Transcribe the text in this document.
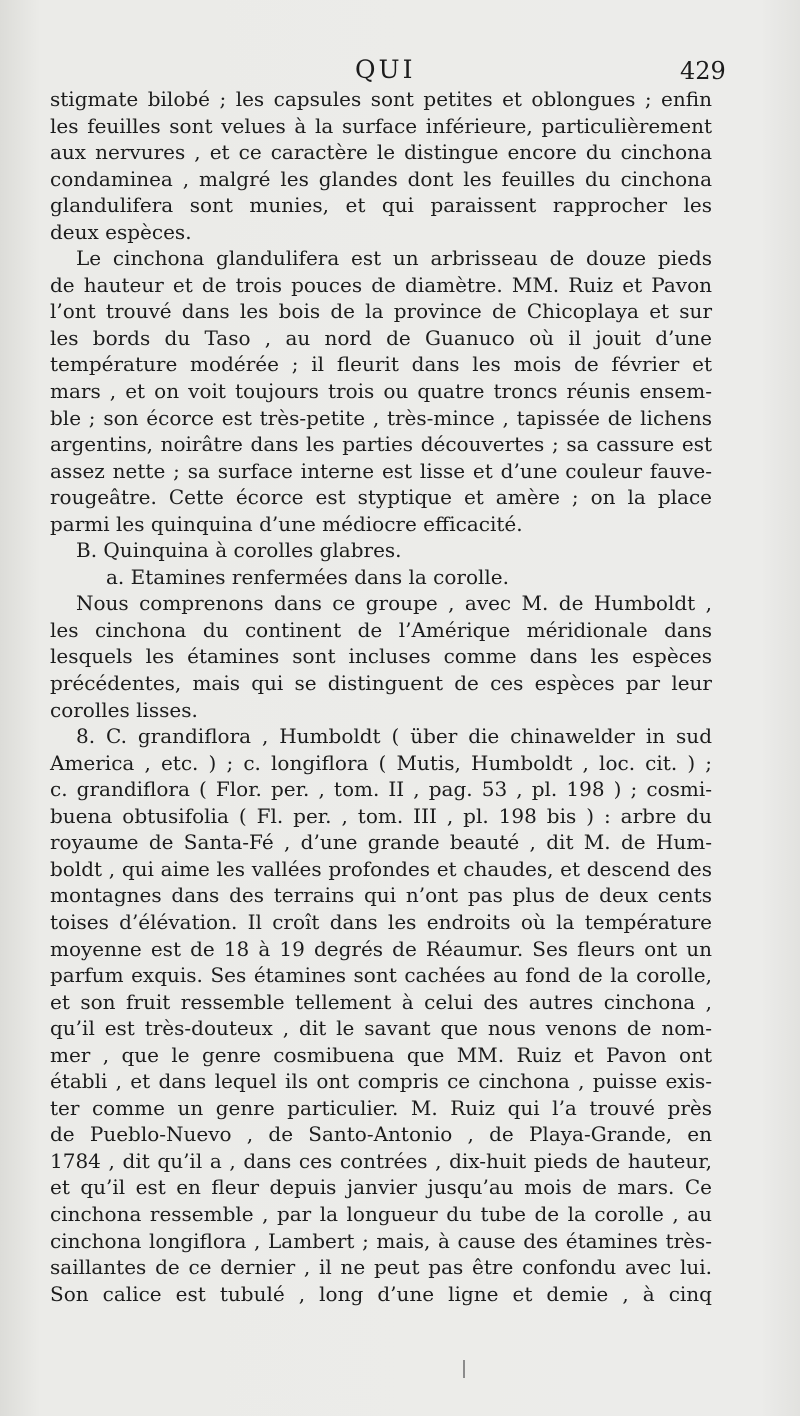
QUI	429
stigmate bilobé ; les capsules sont petites et oblongues ; enfin
les feuilles sont velues à la surface inférieure, particulièrement
aux nervures , et ce caractère le distingue encore du cinchona
condaminea , malgré les glandes dont les feuilles du cinchona
glandulifera sont munies, et qui paraissent rapprocher les
deux espèces.
Le cinchona glandulifera est un arbrisseau de douze pieds
de hauteur et de trois pouces de diamètre. MM. Ruiz et Pavon
l’ont trouvé dans les bois de la province de Chicoplaya et sur
les bords du Taso , au nord de Guanuco où il jouit d’une
température modérée ; il fleurit dans les mois de février et
mars , et on voit toujours trois ou quatre troncs réunis ensem-
ble ; son écorce est très-petite , très-mince , tapissée de lichens
argentins, noirâtre dans les parties découvertes ; sa cassure est
assez nette ; sa surface interne est lisse et d’une couleur fauve-
rougeâtre. Cette écorce est styptique et amère ; on la place
parmi les quinquina d’une médiocre efficacité.
B. Quinquina à corolles glabres.
a. Etamines renfermées dans la corolle.
Nous comprenons dans ce groupe , avec M. de Humboldt ,
les cinchona du continent de l’Amérique méridionale dans
lesquels les étamines sont incluses comme dans les espèces
précédentes, mais qui se distinguent de ces espèces par leur
corolles lisses.
8. C. grandiflora , Humboldt ( über die chinawelder in sud
America , etc. ) ; c. longiflora ( Mutis, Humboldt , loc. cit. ) ;
c. grandiflora ( Flor. per. , tom. II , pag. 53 , pl. 198 ) ; cosmi-
buena obtusifolia ( Fl. per. , tom. III , pl. 198 bis ) : arbre du
royaume de Santa-Fé , d’une grande beauté , dit M. de Hum-
boldt , qui aime les vallées profondes et chaudes, et descend des
montagnes dans des terrains qui n’ont pas plus de deux cents
toises d’élévation. Il croît dans les endroits où la température
moyenne est de 18 à 19 degrés de Réaumur. Ses fleurs ont un
parfum exquis. Ses étamines sont cachées au fond de la corolle,
et son fruit ressemble tellement à celui des autres cinchona ,
qu’il est très-douteux , dit le savant que nous venons de nom-
mer , que le genre cosmibuena que MM. Ruiz et Pavon ont
établi , et dans lequel ils ont compris ce cinchona , puisse exis-
ter comme un genre particulier. M. Ruiz qui l’a trouvé près
de Pueblo-Nuevo , de Santo-Antonio , de Playa-Grande, en
1784 , dit qu’il a , dans ces contrées , dix-huit pieds de hauteur,
et qu’il est en fleur depuis janvier jusqu’au mois de mars. Ce
cinchona ressemble , par la longueur du tube de la corolle , au
cinchona longiflora , Lambert ; mais, à cause des étamines très-
saillantes de ce dernier , il ne peut pas être confondu avec lui.
Son calice est tubulé , long d’une ligne et demie , à cinq
